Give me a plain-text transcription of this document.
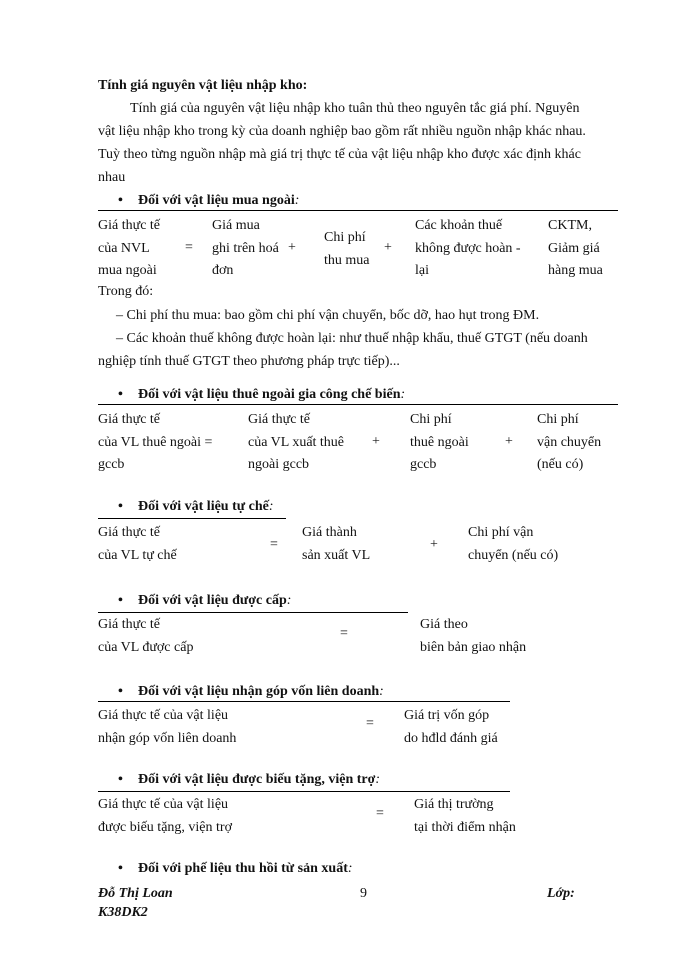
Tính giá nguyên vật liệu nhập kho:
Tính giá của nguyên vật liệu nhập kho tuân thủ theo nguyên tắc giá phí. Nguyên
vật liệu nhập kho trong kỳ của doanh nghiệp bao gồm rất nhiều nguồn nhập khác nhau.
Tuỳ theo từng nguồn nhập mà giá trị thực tế của vật liệu nhập kho được xác định khác
nhau
• Đối với vật liệu mua ngoài:
Giá thực tế
của NVL
mua ngoài
=
Giá mua
ghi trên hoá
đơn
+
Chi phí
thu mua
+
Các khoản thuế
không được hoàn -
lại
CKTM,
Giảm giá
hàng mua
Trong đó:
– Chi phí thu mua: bao gồm chi phí vận chuyển, bốc dỡ, hao hụt trong ĐM.
– Các khoản thuế không được hoàn lại: như thuế nhập khẩu, thuế GTGT (nếu doanh
nghiệp tính thuế GTGT theo phương pháp trực tiếp)...
• Đối với vật liệu thuê ngoài gia công chế biến:
Giá thực tế
của VL thuê ngoài =
gccb
Giá thực tế
của VL xuất thuê
ngoài gccb
+
Chi phí
thuê ngoài
gccb
+
Chi phí
vận chuyển
(nếu có)
• Đối với vật liệu tự chế:
Giá thực tế
của VL tự chế
=
Giá thành
sản xuất VL
+
Chi phí vận
chuyển (nếu có)
• Đối với vật liệu được cấp:
Giá thực tế
của VL được cấp
=
Giá theo
biên bản giao nhận
• Đối với vật liệu nhận góp vốn liên doanh:
Giá thực tế của vật liệu
nhận góp vốn liên doanh
=
Giá trị vốn góp
do hđld đánh giá
• Đối với vật liệu được biếu tặng, viện trợ:
Giá thực tế của vật liệu
được biếu tặng, viện trợ
=
Giá thị trường
tại thời điểm nhận
• Đối với phế liệu thu hồi từ sản xuất:
Đỗ Thị Loan
K38DK2
9	Lớp:
